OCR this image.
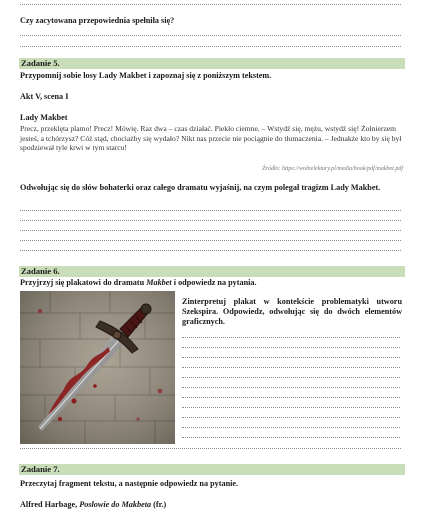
Czy zacytowana przepowiednia spełniła się?
Zadanie 5.
Przypomnij sobie losy Lady Makbet i zapoznaj się z poniższym tekstem.
Akt V, scena I
Lady Makbet
Precz, przeklęta plamo! Precz! Mówię. Raz dwa – czas działać. Piekło ciemne. – Wstydź się, mężu, wstydź się! Żołnierzem jesteś, a tchórzysz? Cóż stąd, chociażby się wydało? Nikt nas przecie nie pociągnie do tłumaczenia. – Jednakże kto by się był spodziewał tyle krwi w tym starcu!
Źródło: https://wolnelektury.pl/media/book/pdf/makbet.pdf
Odwołując się do słów bohaterki oraz całego dramatu wyjaśnij, na czym polegał tragizm Lady Makbet.
Zadanie 6.
Przyjrzyj się plakatowi do dramatu Makbet i odpowiedz na pytania.
Zinterpretuj plakat w kontekście problematyki utworu Szekspira. Odpowiedz, odwołując się do dwóch elementów graficznych.
Zadanie 7.
Przeczytaj fragment tekstu, a następnie odpowiedz na pytanie.
Alfred Harbage, Posłowie do Makbeta (fr.)
